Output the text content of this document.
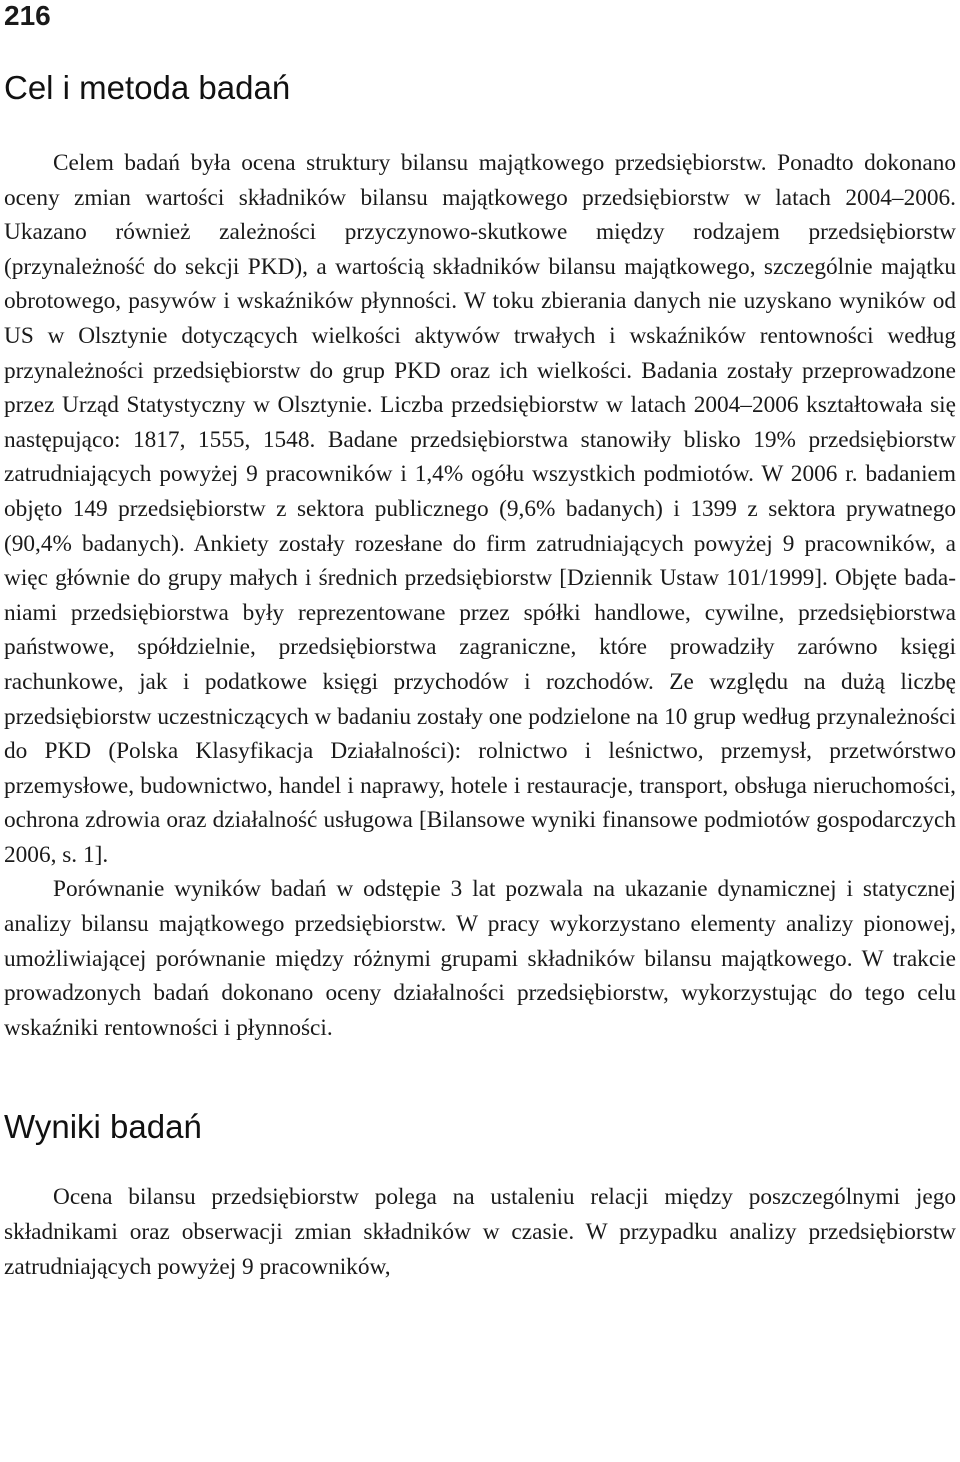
216
Cel i metoda badań

Celem badań była ocena struktury bilansu majątkowego przedsiębiorstw. Ponadto dokonano oceny zmian wartości składników bilansu majątkowego przedsiębiorstw w latach 2004–2006. Ukazano również zależności przyczynowo-skutkowe między rodzajem przedsiębiorstw (przynależność do sekcji PKD), a wartością składników bilansu majątkowego, szczególnie majątku obrotowego, pasywów i wskaźników płynności. W toku zbierania danych nie uzyskano wyników od US w Olsztynie dotyczących wielkości aktywów trwałych i wskaźników rentowności według przynależności przedsiębiorstw do grup PKD oraz ich wielkości. Badania zostały przeprowadzone przez Urząd Statystyczny w Olsztynie. Liczba przedsiębiorstw w latach 2004–2006 kształtowała się następująco: 1817, 1555, 1548. Badane przedsiębiorstwa stanowiły blisko 19% przedsiębiorstw zatrudniających powyżej 9 pracowników i 1,4% ogółu wszystkich podmiotów. W 2006 r. badaniem objęto 149 przedsiębiorstw z sektora publicznego (9,6% badanych) i 1399 z sektora prywatnego (90,4% badanych). Ankiety zostały rozesłane do firm zatrudniających powyżej 9 pracowników, a więc głównie do grupy małych i średnich przedsiębiorstw [Dziennik Ustaw 101/1999]. Objęte badaniami przedsiębiorstwa były reprezentowane przez spółki handlowe, cywilne, przedsiębiorstwa państwowe, spółdzielnie, przedsiębiorstwa zagraniczne, które prowadziły zarówno księgi rachunkowe, jak i podatkowe księgi przychodów i rozchodów. Ze względu na dużą liczbę przedsiębiorstw uczestniczących w badaniu zostały one podzielone na 10 grup według przynależności do PKD (Polska Klasyfikacja Działalności): rolnictwo i leśnictwo, przemysł, przetwórstwo przemysłowe, budownictwo, handel i naprawy, hotele i restauracje, transport, obsługa nieruchomości, ochrona zdrowia oraz działalność usługowa [Bilansowe wyniki finansowe podmiotów gospodarczych 2006, s. 1].

Porównanie wyników badań w odstępie 3 lat pozwala na ukazanie dynamicznej i statycznej analizy bilansu majątkowego przedsiębiorstw. W pracy wykorzystano elementy analizy pionowej, umożliwiającej porównanie między różnymi grupami składników bilansu majątkowego. W trakcie prowadzonych badań dokonano oceny działalności przedsiębiorstw, wykorzystując do tego celu wskaźniki rentowności i płynności.

Wyniki badań

Ocena bilansu przedsiębiorstw polega na ustaleniu relacji między poszczególnymi jego składnikami oraz obserwacji zmian składników w czasie. W przypadku analizy przedsiębiorstw zatrudniających powyżej 9 pracowników,
